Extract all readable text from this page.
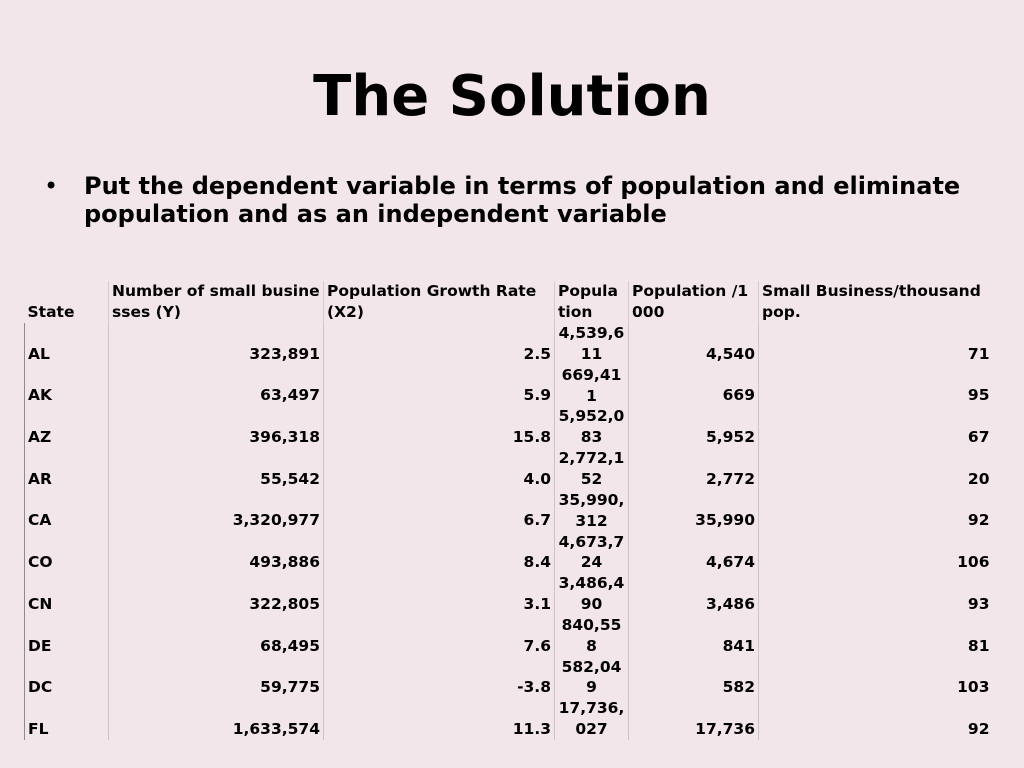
The Solution
• Put the dependent variable in terms of population and eliminate population and as an independent variable
State	Number of small businesses (Y)	Population Growth Rate (X2)	Population	Population /1000	Small Business/thousand pop.
AL	323,891	2.5	4,539,611	4,540	71
AK	63,497	5.9	669,411	669	95
AZ	396,318	15.8	5,952,083	5,952	67
AR	55,542	4.0	2,772,152	2,772	20
CA	3,320,977	6.7	35,990,312	35,990	92
CO	493,886	8.4	4,673,724	4,674	106
CN	322,805	3.1	3,486,490	3,486	93
DE	68,495	7.6	840,558	841	81
DC	59,775	-3.8	582,049	582	103
FL	1,633,574	11.3	17,736,027	17,736	92
